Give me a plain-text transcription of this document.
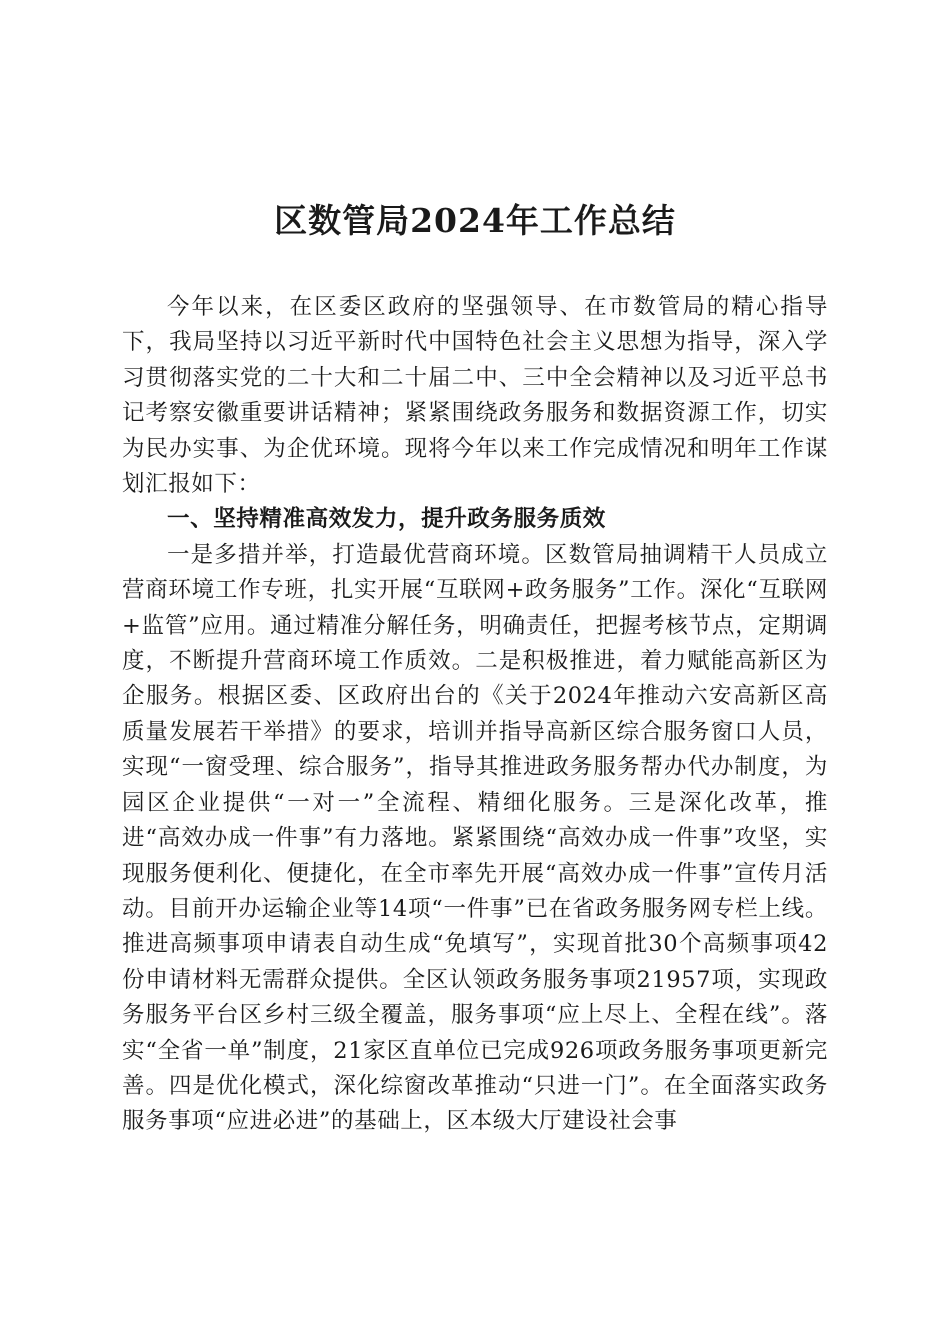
区数管局2024年工作总结

今年以来，在区委区政府的坚强领导、在市数管局的精心指导下，我局坚持以习近平新时代中国特色社会主义思想为指导，深入学习贯彻落实党的二十大和二十届二中、三中全会精神以及习近平总书记考察安徽重要讲话精神；紧紧围绕政务服务和数据资源工作，切实为民办实事、为企优环境。现将今年以来工作完成情况和明年工作谋划汇报如下：

一、坚持精准高效发力，提升政务服务质效

一是多措并举，打造最优营商环境。区数管局抽调精干人员成立营商环境工作专班，扎实开展“互联网+政务服务”工作。深化“互联网+监管”应用。通过精准分解任务，明确责任，把握考核节点，定期调度，不断提升营商环境工作质效。二是积极推进，着力赋能高新区为企服务。根据区委、区政府出台的《关于2024年推动六安高新区高质量发展若干举措》的要求，培训并指导高新区综合服务窗口人员，实现“一窗受理、综合服务”，指导其推进政务服务帮办代办制度，为园区企业提供“一对一”全流程、精细化服务。三是深化改革，推进“高效办成一件事”有力落地。紧紧围绕“高效办成一件事”攻坚，实现服务便利化、便捷化，在全市率先开展“高效办成一件事”宣传月活动。目前开办运输企业等14项“一件事”已在省政务服务网专栏上线。推进高频事项申请表自动生成“免填写”，实现首批30个高频事项42份申请材料无需群众提供。全区认领政务服务事项21957项，实现政务服务平台区乡村三级全覆盖，服务事项“应上尽上、全程在线”。落实“全省一单”制度，21家区直单位已完成926项政务服务事项更新完善。四是优化模式，深化综窗改革推动“只进一门”。在全面落实政务服务事项“应进必进”的基础上，区本级大厅建设社会事
